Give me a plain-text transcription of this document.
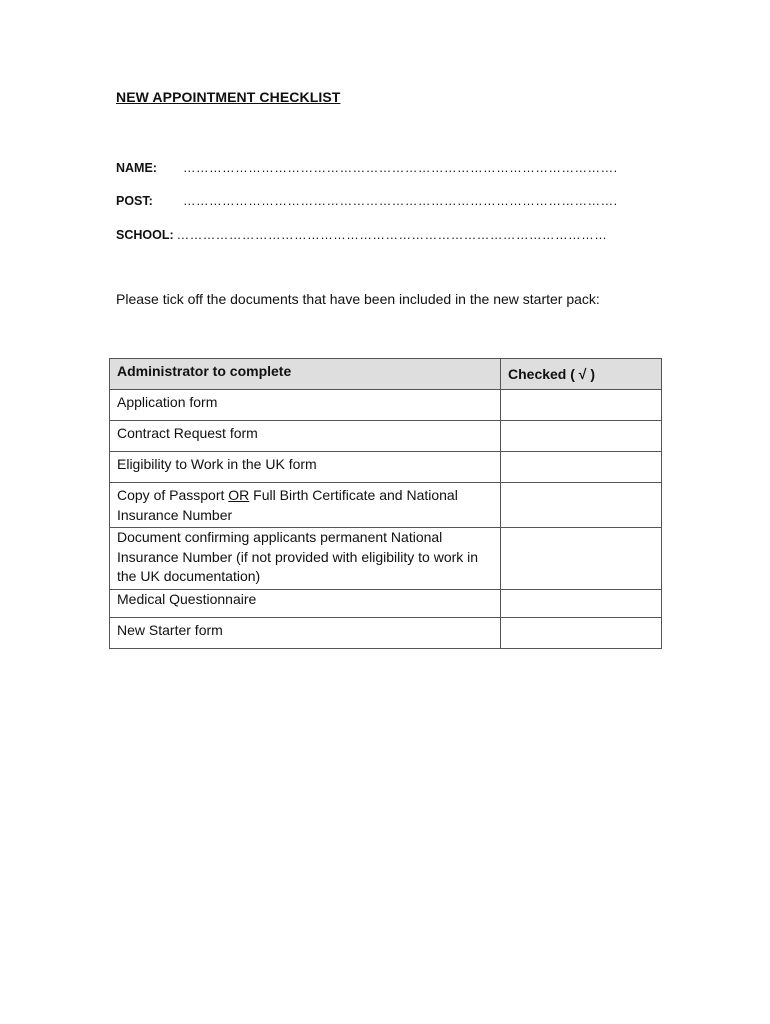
NEW APPOINTMENT CHECKLIST
NAME: ……………………………………………………………………………………….
POST: ……………………………………………………………………………………….
SCHOOL: ………………………………………………………………………………………
Please tick off the documents that have been included in the new starter pack:
Administrator to complete	Checked ( √ )
Application form	
Contract Request form	
Eligibility to Work in the UK form	
Copy of Passport OR Full Birth Certificate and National Insurance Number	
Document confirming applicants permanent National Insurance Number (if not provided with eligibility to work in the UK documentation)	
Medical Questionnaire	
New Starter form	
